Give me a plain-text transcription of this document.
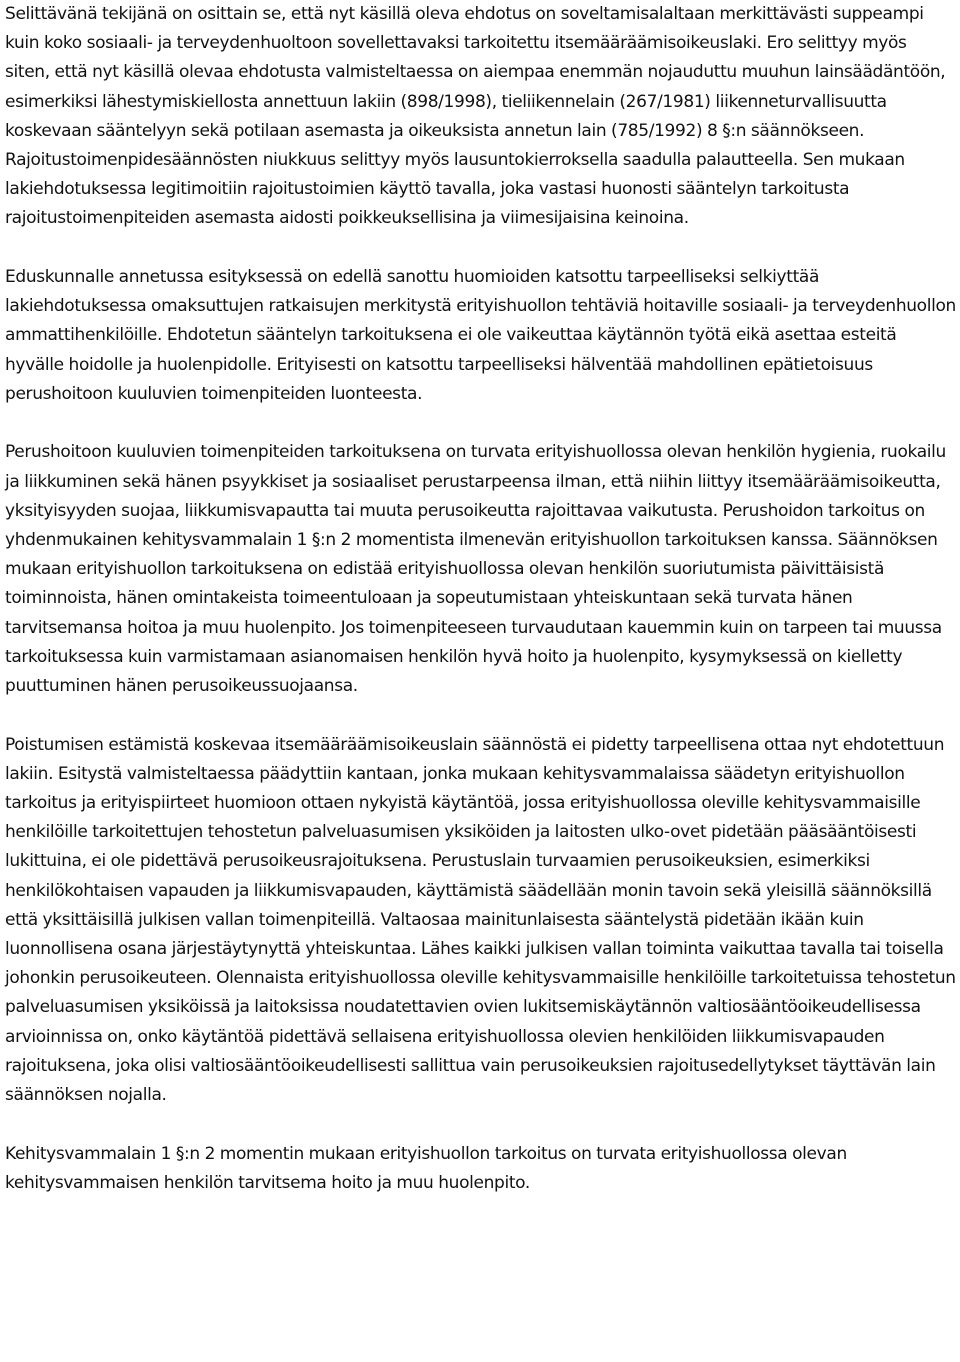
Selittävänä tekijänä on osittain se, että nyt käsillä oleva ehdotus on soveltamisalaltaan merkittävästi suppeampi kuin koko sosiaali- ja terveydenhuoltoon sovellettavaksi tarkoitettu itsemääräämisoikeuslaki. Ero selittyy myös siten, että nyt käsillä olevaa ehdotusta valmisteltaessa on aiempaa enemmän nojauduttu muuhun lainsäädäntöön, esimerkiksi lähestymiskiellosta annettuun lakiin (898/1998), tieliikennelain (267/1981) liikenneturvallisuutta koskevaan sääntelyyn sekä potilaan asemasta ja oikeuksista annetun lain (785/1992) 8 §:n säännökseen. Rajoitustoimenpidesäännösten niukkuus selittyy myös lausuntokierroksella saadulla palautteella. Sen mukaan lakiehdotuksessa legitimoitiin rajoitustoimien käyttö tavalla, joka vastasi huonosti sääntelyn tarkoitusta rajoitustoimenpiteiden asemasta aidosti poikkeuksellisina ja viimesijaisina keinoina.

Eduskunnalle annetussa esityksessä on edellä sanottu huomioiden katsottu tarpeelliseksi selkiyttää lakiehdotuksessa omaksuttujen ratkaisujen merkitystä erityishuollon tehtäviä hoitaville sosiaali- ja terveydenhuollon ammattihenkilöille. Ehdotetun sääntelyn tarkoituksena ei ole vaikeuttaa käytännön työtä eikä asettaa esteitä hyvälle hoidolle ja huolenpidolle. Erityisesti on katsottu tarpeelliseksi hälventää mahdollinen epätietoisuus perushoitoon kuuluvien toimenpiteiden luonteesta.

Perushoitoon kuuluvien toimenpiteiden tarkoituksena on turvata erityishuollossa olevan henkilön hygienia, ruokailu ja liikkuminen sekä hänen psyykkiset ja sosiaaliset perustarpeensa ilman, että niihin liittyy itsemääräämisoikeutta, yksityisyyden suojaa, liikkumisvapautta tai muuta perusoikeutta rajoittavaa vaikutusta. Perushoidon tarkoitus on yhdenmukainen kehitysvammalain 1 §:n 2 momentista ilmenevän erityishuollon tarkoituksen kanssa. Säännöksen mukaan erityishuollon tarkoituksena on edistää erityishuollossa olevan henkilön suoriutumista päivittäisistä toiminnoista, hänen omintakeista toimeentuloaan ja sopeutumistaan yhteiskuntaan sekä turvata hänen tarvitsemansa hoitoa ja muu huolenpito. Jos toimenpiteeseen turvaudutaan kauemmin kuin on tarpeen tai muussa tarkoituksessa kuin varmistamaan asianomaisen henkilön hyvä hoito ja huolenpito, kysymyksessä on kielletty puuttuminen hänen perusoikeussuojaansa.

Poistumisen estämistä koskevaa itsemääräämisoikeuslain säännöstä ei pidetty tarpeellisena ottaa nyt ehdotettuun lakiin. Esitystä valmisteltaessa päädyttiin kantaan, jonka mukaan kehitysvammalaissa säädetyn erityishuollon tarkoitus ja erityispiirteet huomioon ottaen nykyistä käytäntöä, jossa erityishuollossa oleville kehitysvammaisille henkilöille tarkoitettujen tehostetun palveluasumisen yksiköiden ja laitosten ulko-ovet pidetään pääsääntöisesti lukittuina, ei ole pidettävä perusoikeusrajoituksena. Perustuslain turvaamien perusoikeuksien, esimerkiksi henkilökohtaisen vapauden ja liikkumisvapauden, käyttämistä säädellään monin tavoin sekä yleisillä säännöksillä että yksittäisillä julkisen vallan toimenpiteillä. Valtaosaa mainitunlaisesta sääntelystä pidetään ikään kuin luonnollisena osana järjestäytynyttä yhteiskuntaa. Lähes kaikki julkisen vallan toiminta vaikuttaa tavalla tai toisella johonkin perusoikeuteen. Olennaista erityishuollossa oleville kehitysvammaisille henkilöille tarkoitetuissa tehostetun palveluasumisen yksiköissä ja laitoksissa noudatettavien ovien lukitsemiskäytännön valtiosääntöoikeudellisessa arvioinnissa on, onko käytäntöä pidettävä sellaisena erityishuollossa olevien henkilöiden liikkumisvapauden rajoituksena, joka olisi valtiosääntöoikeudellisesti sallittua vain perusoikeuksien rajoitusedellytykset täyttävän lain säännöksen nojalla.

Kehitysvammalain 1 §:n 2 momentin mukaan erityishuollon tarkoitus on turvata erityishuollossa olevan kehitysvammaisen henkilön tarvitsema hoito ja muu huolenpito.
